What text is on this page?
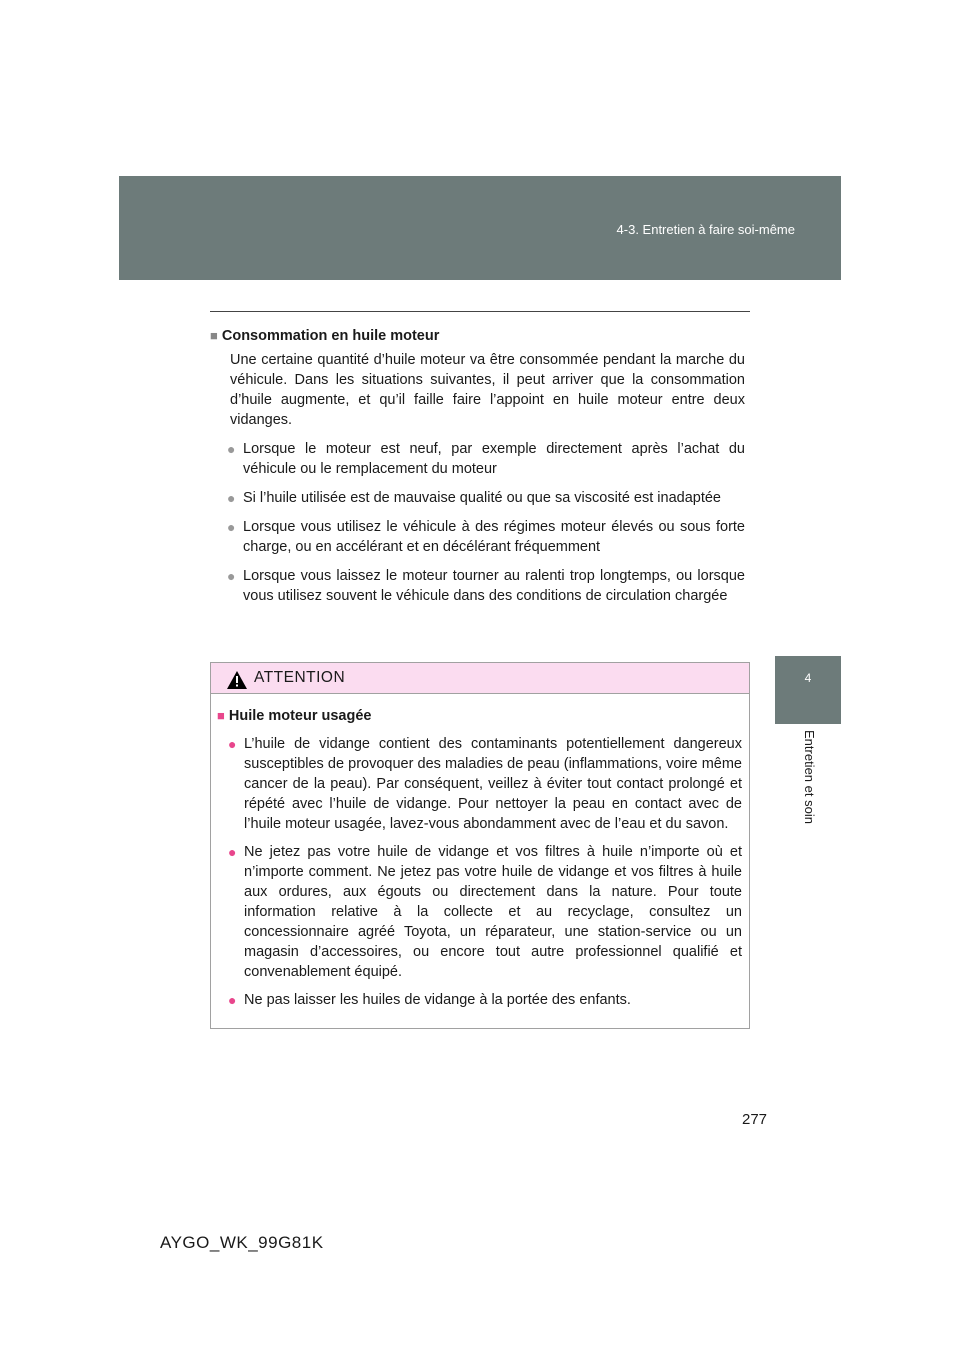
4-3. Entretien à faire soi-même
4
Entretien et soin
■ Consommation en huile moteur

Une certaine quantité d’huile moteur va être consommée pendant la marche du véhicule. Dans les situations suivantes, il peut arriver que la consommation d’huile augmente, et qu’il faille faire l’appoint en huile moteur entre deux vidanges.

● Lorsque le moteur est neuf, par exemple directement après l’achat du véhicule ou le remplacement du moteur
● Si l’huile utilisée est de mauvaise qualité ou que sa viscosité est inadaptée
● Lorsque vous utilisez le véhicule à des régimes moteur élevés ou sous forte charge, ou en accélérant et en décélérant fréquemment
● Lorsque vous laissez le moteur tourner au ralenti trop longtemps, ou lorsque vous utilisez souvent le véhicule dans des conditions de circulation chargée
ATTENTION
■ Huile moteur usagée
● L’huile de vidange contient des contaminants potentiellement dangereux susceptibles de provoquer des maladies de peau (inflammations, voire même cancer de la peau). Par conséquent, veillez à éviter tout contact prolongé et répété avec l’huile de vidange. Pour nettoyer la peau en contact avec de l’huile moteur usagée, lavez-vous abondamment avec de l’eau et du savon.
● Ne jetez pas votre huile de vidange et vos filtres à huile n’importe où et n’importe comment. Ne jetez pas votre huile de vidange et vos filtres à huile aux ordures, aux égouts ou directement dans la nature. Pour toute information relative à la collecte et au recyclage, consultez un concessionnaire agréé Toyota, un réparateur, une station-service ou un magasin d’accessoires, ou encore tout autre professionnel qualifié et convenablement équipé.
● Ne pas laisser les huiles de vidange à la portée des enfants.
277
AYGO_WK_99G81K
